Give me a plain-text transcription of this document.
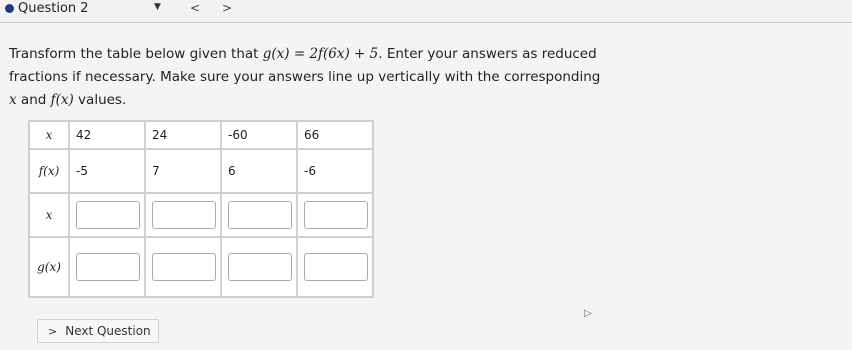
Question 2	▼ < >
Transform the table below given that g(x) = 2f(6x) + 5. Enter your answers as reduced fractions if necessary. Make sure your answers line up vertically with the corresponding x and f(x) values.
x	42	24	-60	66
f(x)	-5	7	6	-6
x				
g(x)				
> Next Question
▷
